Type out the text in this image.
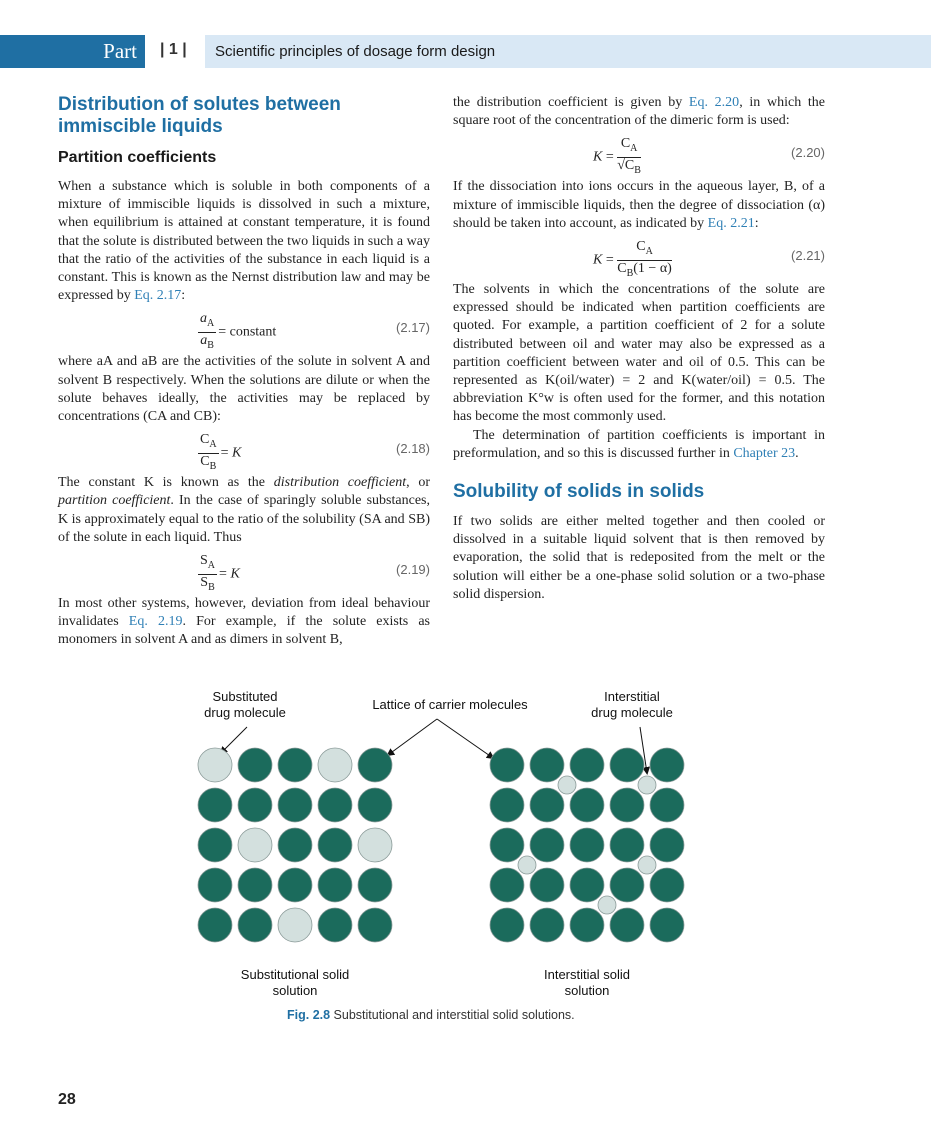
Part | 1 | Scientific principles of dosage form design
Distribution of solutes between immiscible liquids
Partition coefficients

When a substance which is soluble in both components of a mixture of immiscible liquids is dissolved in such a mixture, when equilibrium is attained at constant temperature, it is found that the solute is distributed between the two liquids in such a way that the ratio of the activities of the substance in each liquid is a constant. This is known as the Nernst distribution law and may be expressed by Eq. 2.17:

$\frac{a_A}{a_B}$ = constant	(2.17)

where aA and aB are the activities of the solute in solvent A and solvent B respectively. When the solutions are dilute or when the solute behaves ideally, the activities may be replaced by concentrations (CA and CB):

$\frac{C_A}{C_B} = K$	(2.18)

The constant K is known as the distribution coefficient, or partition coefficient. In the case of sparingly soluble substances, K is approximately equal to the ratio of the solubility (SA and SB) of the solute in each liquid. Thus

$\frac{S_A}{S_B} = K$	(2.19)

In most other systems, however, deviation from ideal behaviour invalidates Eq. 2.19. For example, if the solute exists as monomers in solvent A and as dimers in solvent B,

the distribution coefficient is given by Eq. 2.20, in which the square root of the concentration of the dimeric form is used:

$K = \frac{C_A}{√C_B}$	(2.20)

If the dissociation into ions occurs in the aqueous layer, B, of a mixture of immiscible liquids, then the degree of dissociation (α) should be taken into account, as indicated by Eq. 2.21:

$K = \frac{C_A}{C_B(1 - \alpha)}$	(2.21)

The solvents in which the concentrations of the solute are expressed should be indicated when partition coefficients are quoted. For example, a partition coefficient of 2 for a solute distributed between oil and water may also be expressed as a partition coefficient between water and oil of 0.5. This can be represented as K(oil/water) = 2 and K(water/oil) = 0.5. The abbreviation K°w is often used for the former, and this notation has become the most commonly used.

The determination of partition coefficients is important in preformulation, and so this is discussed further in Chapter 23.

Solubility of solids in solids

If two solids are either melted together and then cooled or dissolved in a suitable liquid solvent that is then removed by evaporation, the solid that is redeposited from the melt or the solution will either be a one-phase solid solution or a two-phase solid dispersion.

Substituted
drug molecule
Lattice of carrier molecules
Interstitial
drug molecule
Substitutional solid
solution
Interstitial solid
solution
Fig. 2.8 Substitutional and interstitial solid solutions.
28
